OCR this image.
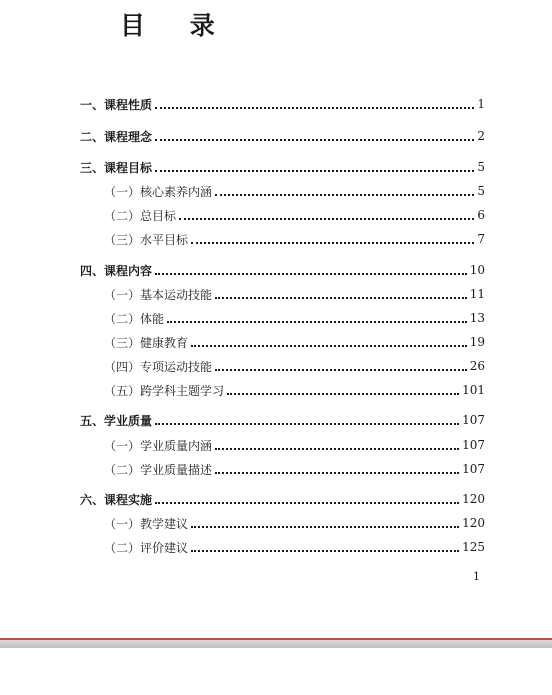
目 录
一、课程性质	1
二、课程理念	2
三、课程目标	5
（一）核心素养内涵	5
（二）总目标	6
（三）水平目标	7
四、课程内容	10
（一）基本运动技能	11
（二）体能	13
（三）健康教育	19
（四）专项运动技能	26
（五）跨学科主题学习	101
五、学业质量	107
（一）学业质量内涵	107
（二）学业质量描述	107
六、课程实施	120
（一）教学建议	120
（二）评价建议	125
1
